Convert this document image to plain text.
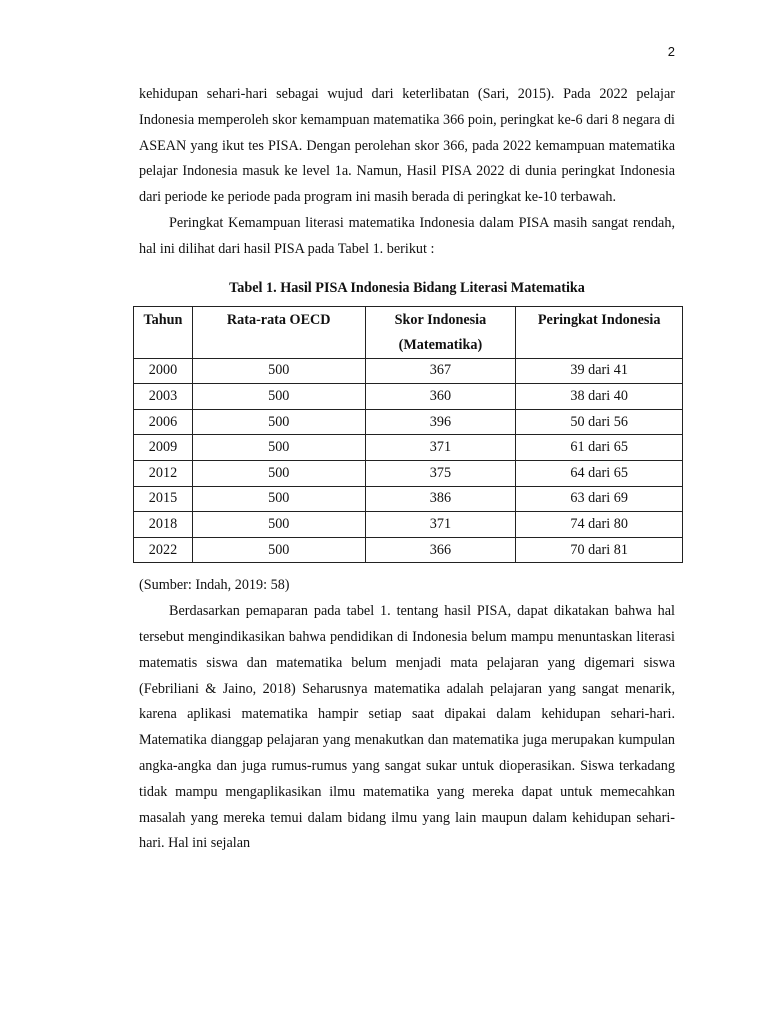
2

kehidupan sehari-hari sebagai wujud dari keterlibatan (Sari, 2015). Pada 2022 pelajar Indonesia memperoleh skor kemampuan matematika 366 poin, peringkat ke-6 dari 8 negara di ASEAN yang ikut tes PISA. Dengan perolehan skor 366, pada 2022 kemampuan matematika pelajar Indonesia masuk ke level 1a. Namun, Hasil PISA 2022 di dunia peringkat Indonesia dari periode ke periode pada program ini masih berada di peringkat ke-10 terbawah.

Peringkat Kemampuan literasi matematika Indonesia dalam PISA masih sangat rendah, hal ini dilihat dari hasil PISA pada Tabel 1. berikut :

Tabel 1. Hasil PISA Indonesia Bidang Literasi Matematika
Tahun	Rata-rata OECD	Skor Indonesia (Matematika)	Peringkat Indonesia
2000	500	367	39 dari 41
2003	500	360	38 dari 40
2006	500	396	50 dari 56
2009	500	371	61 dari 65
2012	500	375	64 dari 65
2015	500	386	63 dari 69
2018	500	371	74 dari 80
2022	500	366	70 dari 81

(Sumber: Indah, 2019: 58)

Berdasarkan pemaparan pada tabel 1. tentang hasil PISA, dapat dikatakan bahwa hal tersebut mengindikasikan bahwa pendidikan di Indonesia belum mampu menuntaskan literasi matematis siswa dan matematika belum menjadi mata pelajaran yang digemari siswa (Febriliani & Jaino, 2018) Seharusnya matematika adalah pelajaran yang sangat menarik, karena aplikasi matematika hampir setiap saat dipakai dalam kehidupan sehari-hari. Matematika dianggap pelajaran yang menakutkan dan matematika juga merupakan kumpulan angka-angka dan juga rumus-rumus yang sangat sukar untuk dioperasikan. Siswa terkadang tidak mampu mengaplikasikan ilmu matematika yang mereka dapat untuk memecahkan masalah yang mereka temui dalam bidang ilmu yang lain maupun dalam kehidupan sehari-hari. Hal ini sejalan
